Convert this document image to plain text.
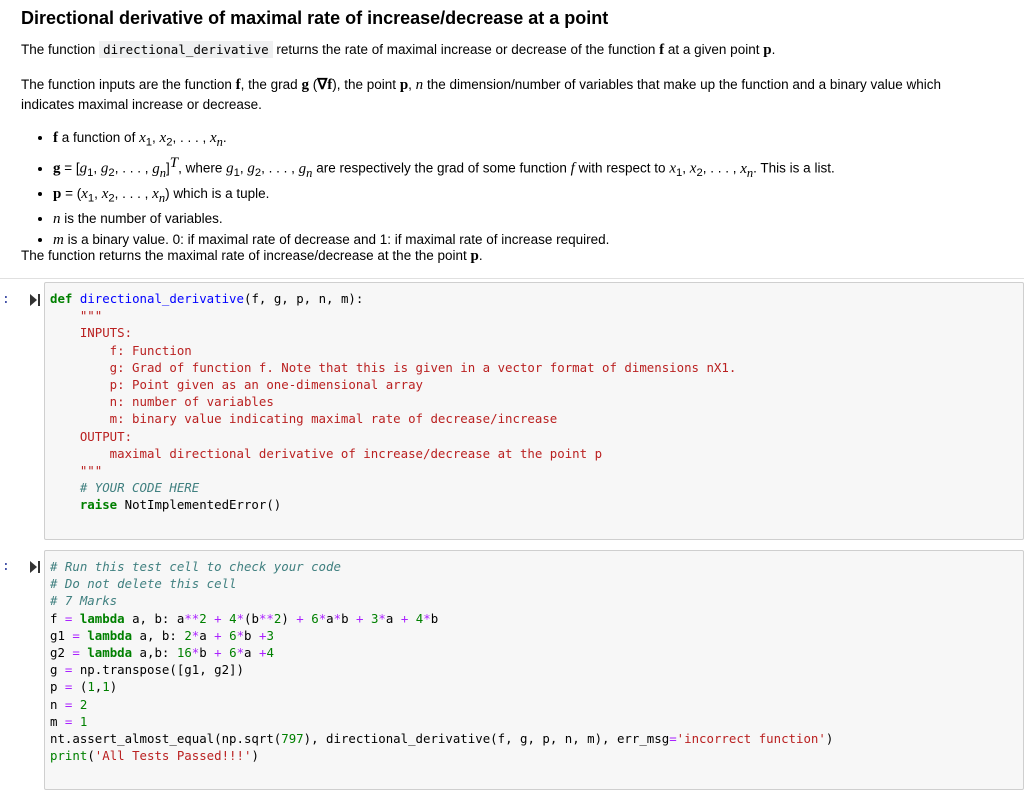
Directional derivative of maximal rate of increase/decrease at a point
The function directional_derivative returns the rate of maximal increase or decrease of the function f at a given point p.
The function inputs are the function f, the grad g (∇f), the point p, n the dimension/number of variables that make up the function and a binary value which
indicates maximal increase or decrease.
• f a function of $x_1$, $x_2$, . . . , $x_n$.
• $g = [g_1$, $g_2$, . . . , $g_n]^T$, where $g_1$, $g_2$, . . . , $g_n$ are respectively the grad of some function f with respect to $x_1$, $x_2$, . . . , $x_n$. This is a list.
• $p = (x_1$, $x_2$, . . . , $x_n$) which is a tuple.
• n is the number of variables.
• m is a binary value. 0: if maximal rate of decrease and 1: if maximal rate of increase required.
The function returns the maximal rate of increase/decrease at the the point p.
:	def directional_derivative(f, g, p, n, m):
"""
INPUTS:
f: Function
g: Grad of function f. Note that this is given in a vector format of dimensions nX1.
p: Point given as an one-dimensional array
n: number of variables
m: binary value indicating maximal rate of decrease/increase
OUTPUT:
maximal directional derivative of increase/decrease at the point p
"""
# YOUR CODE HERE
raise NotImplementedError()
:	# Run this test cell to check your code
# Do not delete this cell
# 7 Marks
f = lambda a, b: a**2 + 4*(b**2) + 6*a*b + 3*a + 4*b
g1 = lambda a, b: 2*a + 6*b +3
g2 = lambda a,b: 16*b + 6*a +4
g = np.transpose([g1, g2])
p = (1,1)
n = 2
m = 1
nt.assert_almost_equal(np.sqrt(797), directional_derivative(f, g, p, n, m), err_msg='incorrect function')
print('All Tests Passed!!!')
